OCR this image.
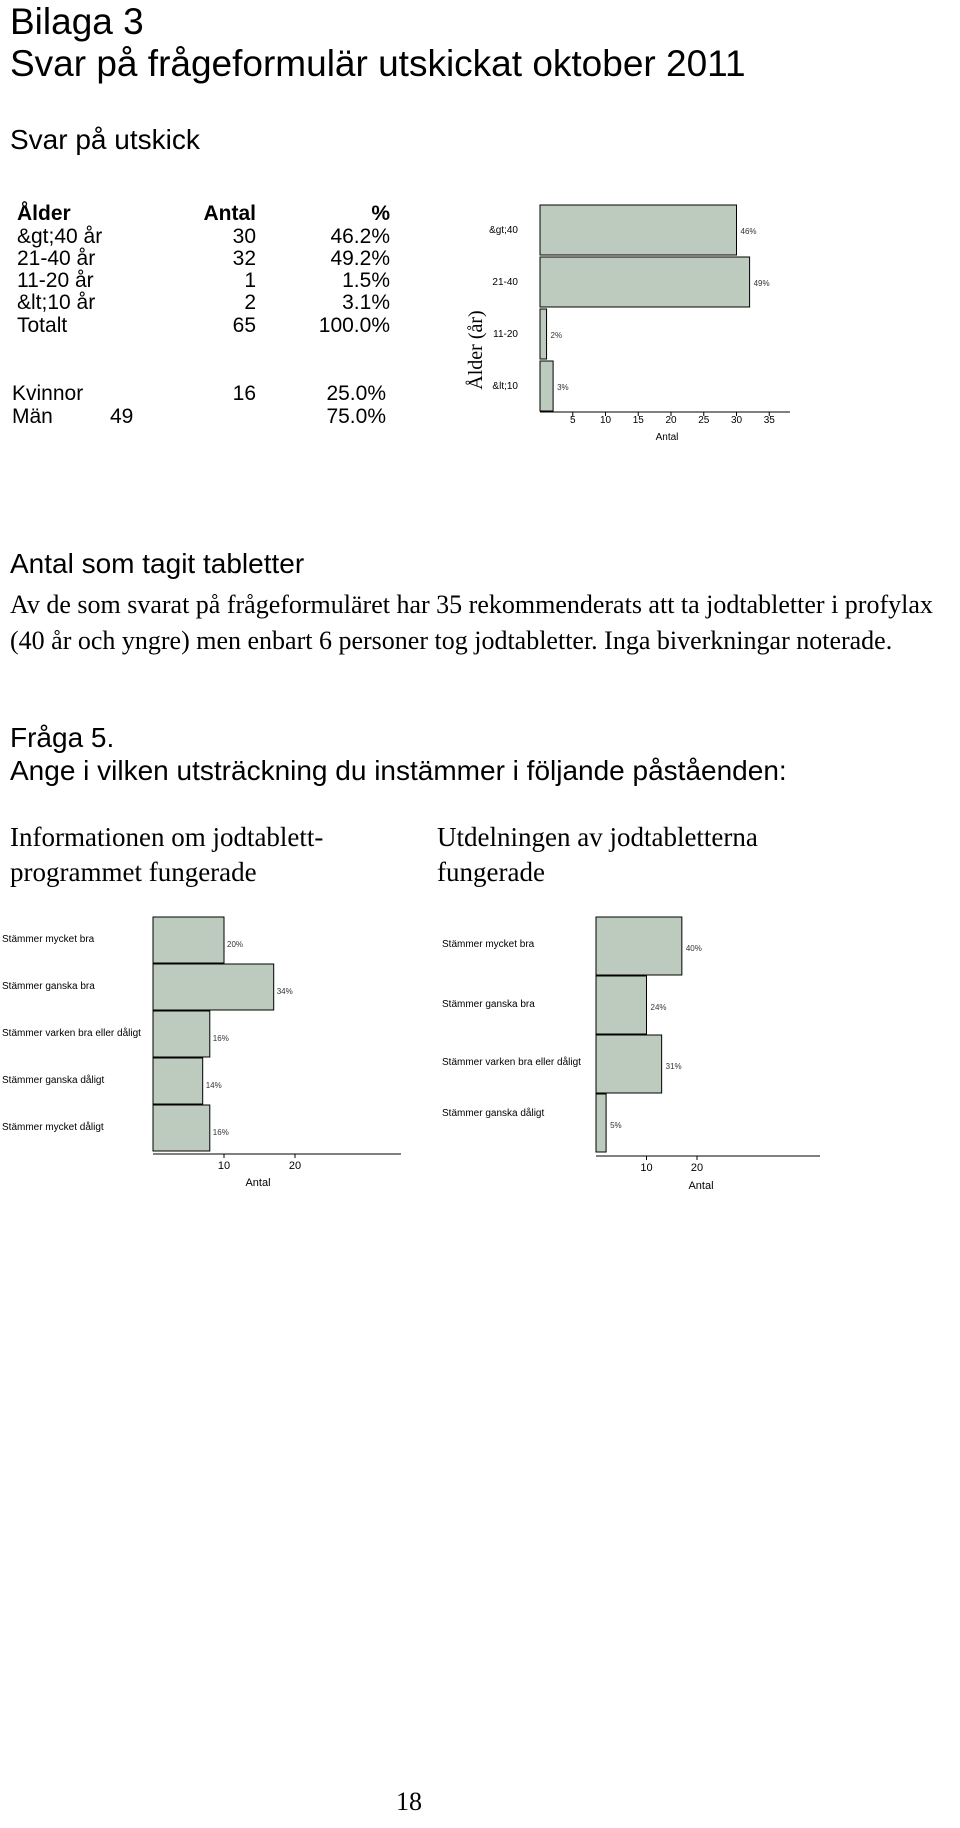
Bilaga 3
Svar på frågeformulär utskickat oktober 2011
Svar på utskick
Ålder	Antal	%
&gt;40 år	30	46.2%
21-40 år	32	49.2%
11-20 år	1	1.5%
&lt;10 år	2	3.1%
Totalt	65	100.0%
Kvinnor	16	25.0%
Män	49	75.0%
&gt;40
21-40
11-20
&lt;10
46%
49%
2%
3%
5 10 15 20 25 30 35
Ålder (år)
Antal
Antal som tagit tabletter
Av de som svarat på frågeformuläret har 35 rekommenderats att ta jodtabletter i profylax (40 år och yngre) men enbart 6 personer tog jodtabletter. Inga biverkningar noterade.
Fråga 5.
Ange i vilken utsträckning du instämmer i följande påståenden:
Informationen om jodtablett-programmet fungerade
Utdelningen av jodtabletterna fungerade
Stämmer mycket bra
Stämmer ganska bra
Stämmer varken bra eller dåligt
Stämmer ganska dåligt
Stämmer mycket dåligt
20%
34%
16%
14%
16%
10	20
Antal
Stämmer mycket bra
Stämmer ganska bra
Stämmer varken bra eller dåligt
Stämmer ganska dåligt
40%
24%
31%
5%
10	20
Antal
18
